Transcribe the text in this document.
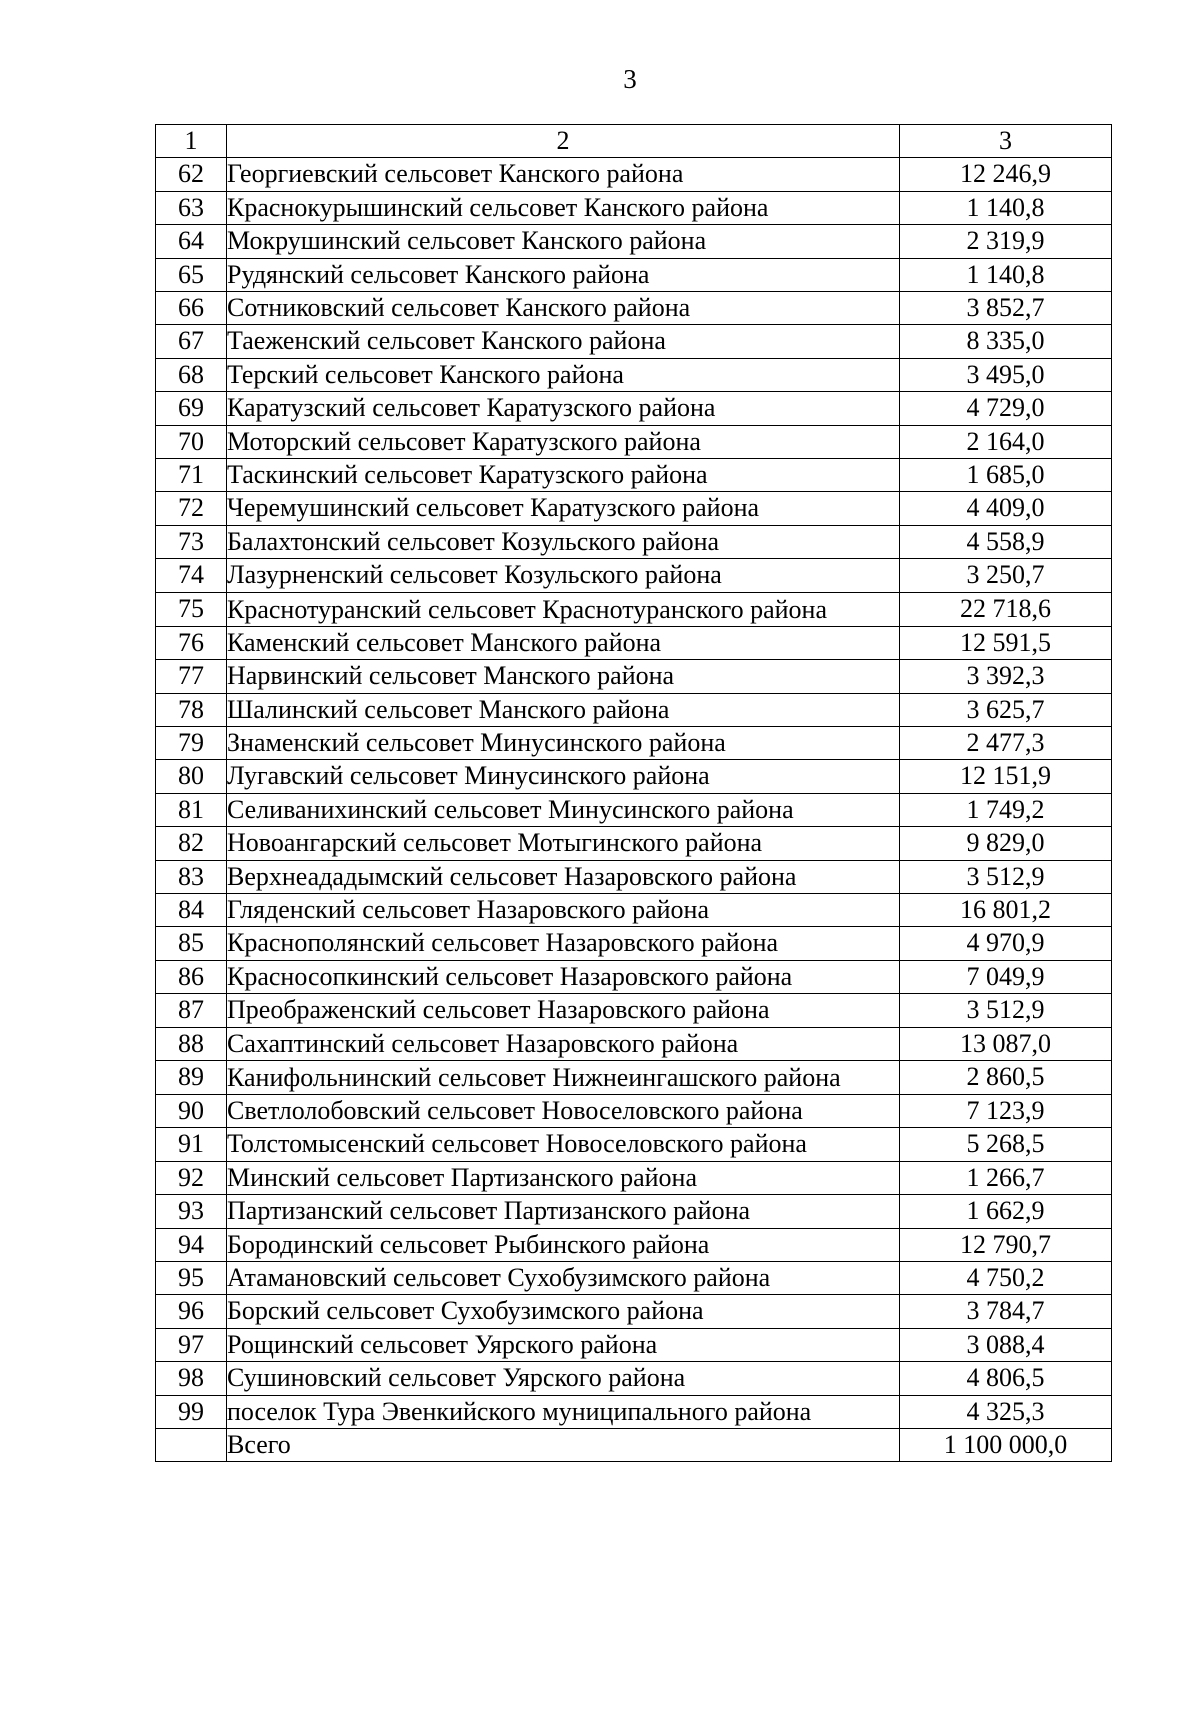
3
1	2	3
62	Георгиевский сельсовет Канского района	12 246,9
63	Краснокурышинский сельсовет Канского района	1 140,8
64	Мокрушинский сельсовет Канского района	2 319,9
65	Рудянский сельсовет Канского района	1 140,8
66	Сотниковский сельсовет Канского района	3 852,7
67	Таеженский сельсовет Канского района	8 335,0
68	Терский сельсовет Канского района	3 495,0
69	Каратузский сельсовет Каратузского района	4 729,0
70	Моторский сельсовет Каратузского района	2 164,0
71	Таскинский сельсовет Каратузского района	1 685,0
72	Черемушинский сельсовет Каратузского района	4 409,0
73	Балахтонский сельсовет Козульского района	4 558,9
74	Лазурненский сельсовет Козульского района	3 250,7
75	Краснотуранский сельсовет Краснотуранского района	22 718,6
76	Каменский сельсовет Манского района	12 591,5
77	Нарвинский сельсовет Манского района	3 392,3
78	Шалинский сельсовет Манского района	3 625,7
79	Знаменский сельсовет Минусинского района	2 477,3
80	Лугавский сельсовет Минусинского района	12 151,9
81	Селиванихинский сельсовет Минусинского района	1 749,2
82	Новоангарский сельсовет Мотыгинского района	9 829,0
83	Верхнеададымский сельсовет Назаровского района	3 512,9
84	Гляденский сельсовет Назаровского района	16 801,2
85	Краснополянский сельсовет Назаровского района	4 970,9
86	Красносопкинский сельсовет Назаровского района	7 049,9
87	Преображенский сельсовет Назаровского района	3 512,9
88	Сахаптинский сельсовет Назаровского района	13 087,0
89	Канифольнинский сельсовет Нижнеингашского района	2 860,5
90	Светлолобовский сельсовет Новоселовского района	7 123,9
91	Толстомысенский сельсовет Новоселовского района	5 268,5
92	Минский сельсовет Партизанского района	1 266,7
93	Партизанский сельсовет Партизанского района	1 662,9
94	Бородинский сельсовет Рыбинского района	12 790,7
95	Атамановский сельсовет Сухобузимского района	4 750,2
96	Борский сельсовет Сухобузимского района	3 784,7
97	Рощинский сельсовет Уярского района	3 088,4
98	Сушиновский сельсовет Уярского района	4 806,5
99	поселок Тура Эвенкийского муниципального района	4 325,3
	Всего	1 100 000,0
